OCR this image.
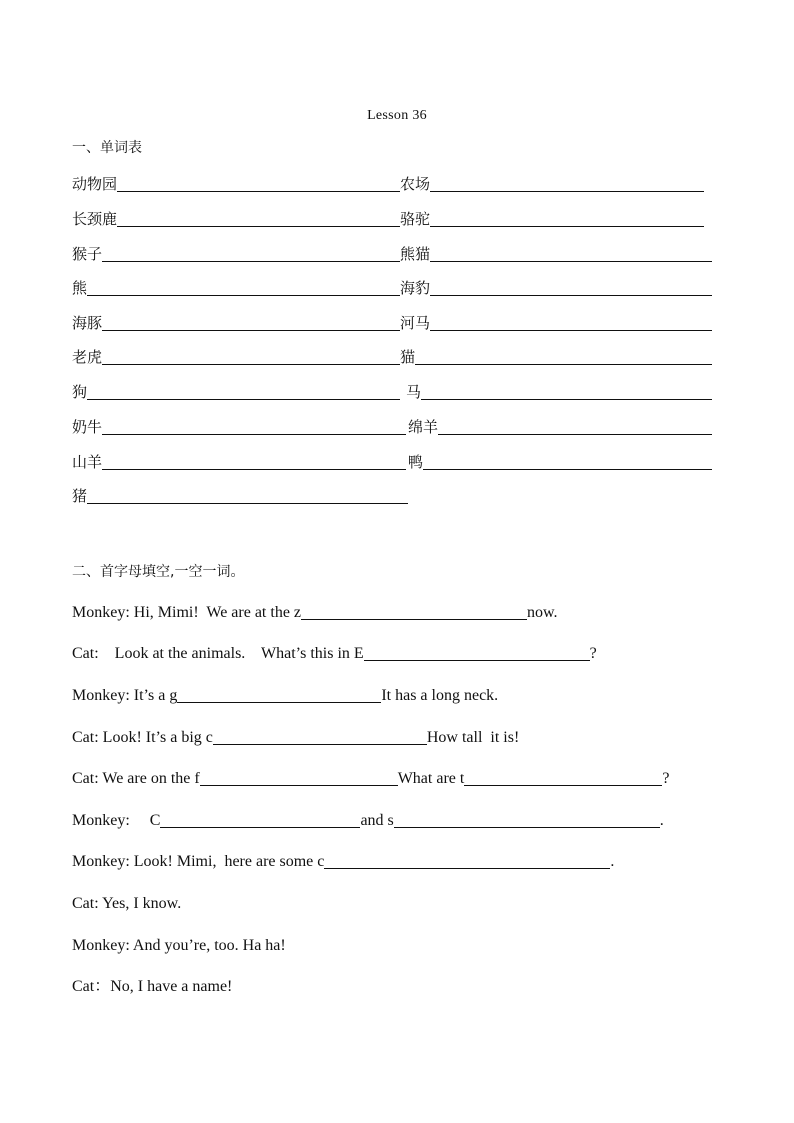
Lesson 36
一、单词表
动物园	农场
长颈鹿	骆驼
猴子	熊猫
熊	海豹
海豚	河马
老虎	猫
狗	马
奶牛	绵羊
山羊	鸭
猪
二、首字母填空,一空一词。
Monkey: Hi, Mimi!  We are at the z	now.
Cat:    Look at the animals.    What’s this in E	?
Monkey: It’s a g	It has a long neck.
Cat: Look! It’s a big c	How tall  it is!
Cat: We are on the f	What are t	?
Monkey:     C	and s	.
Monkey: Look! Mimi,  here are some c	.
Cat: Yes, I know.
Monkey: And you’re, too. Ha ha!
Cat：No, I have a name!
